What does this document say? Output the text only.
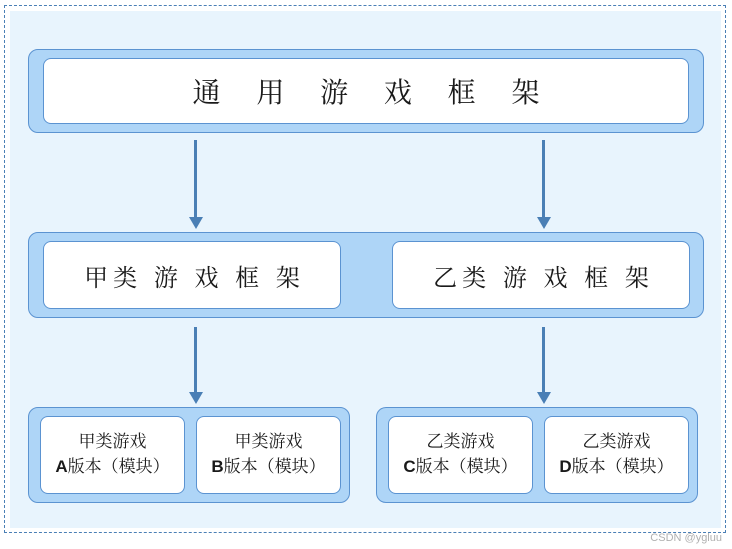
通 用 游 戏 框 架
甲类 游 戏 框 架	乙类 游 戏 框 架
甲类游戏
A版本（模块）
甲类游戏
B版本（模块）
乙类游戏
C版本（模块）
乙类游戏
D版本（模块）
CSDN @ygluu
